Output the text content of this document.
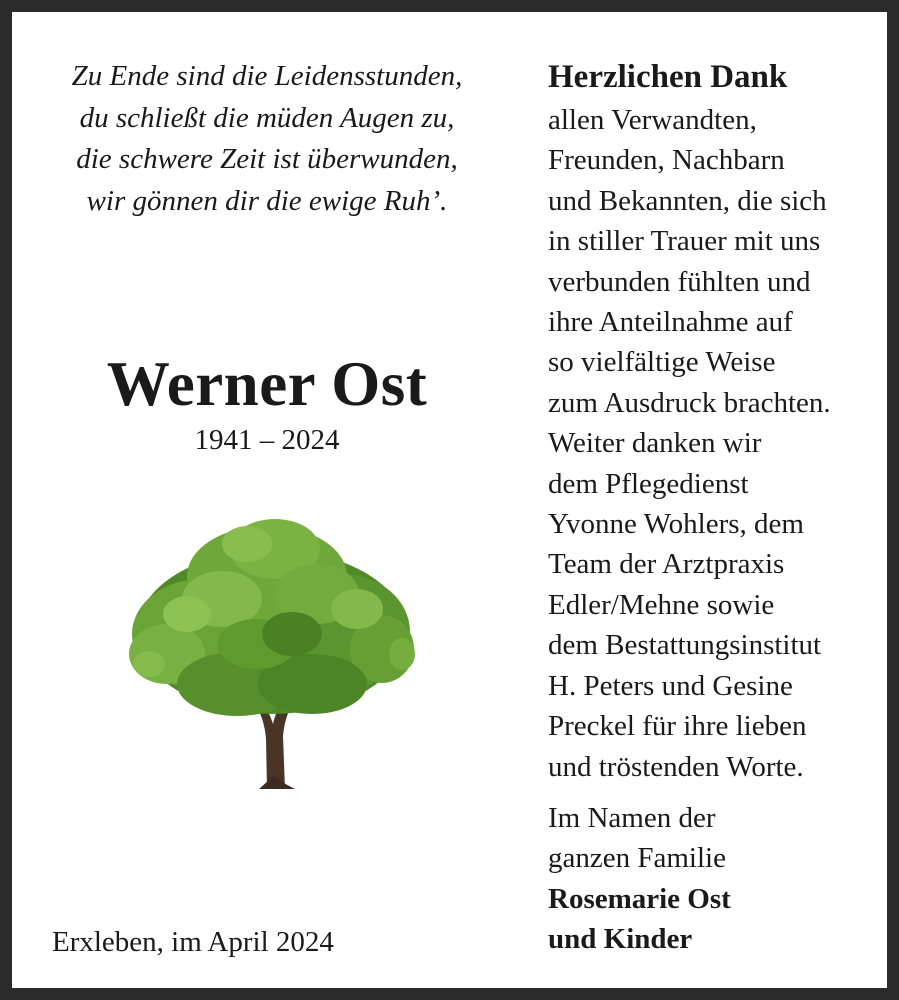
Zu Ende sind die Leidensstunden,
du schließt die müden Augen zu,
die schwere Zeit ist überwunden,
wir gönnen dir die ewige Ruh’.
Werner Ost
1941 – 2024
Erxleben, im April 2024
Herzlichen Dank
allen Verwandten,
Freunden, Nachbarn
und Bekannten, die sich
in stiller Trauer mit uns
verbunden fühlten und
ihre Anteilnahme auf
so vielfältige Weise
zum Ausdruck brachten.
Weiter danken wir
dem Pflegedienst
Yvonne Wohlers, dem
Team der Arztpraxis
Edler/Mehne sowie
dem Bestattungsinstitut
H. Peters und Gesine
Preckel für ihre lieben
und tröstenden Worte.
Im Namen der
ganzen Familie
Rosemarie Ost
und Kinder
